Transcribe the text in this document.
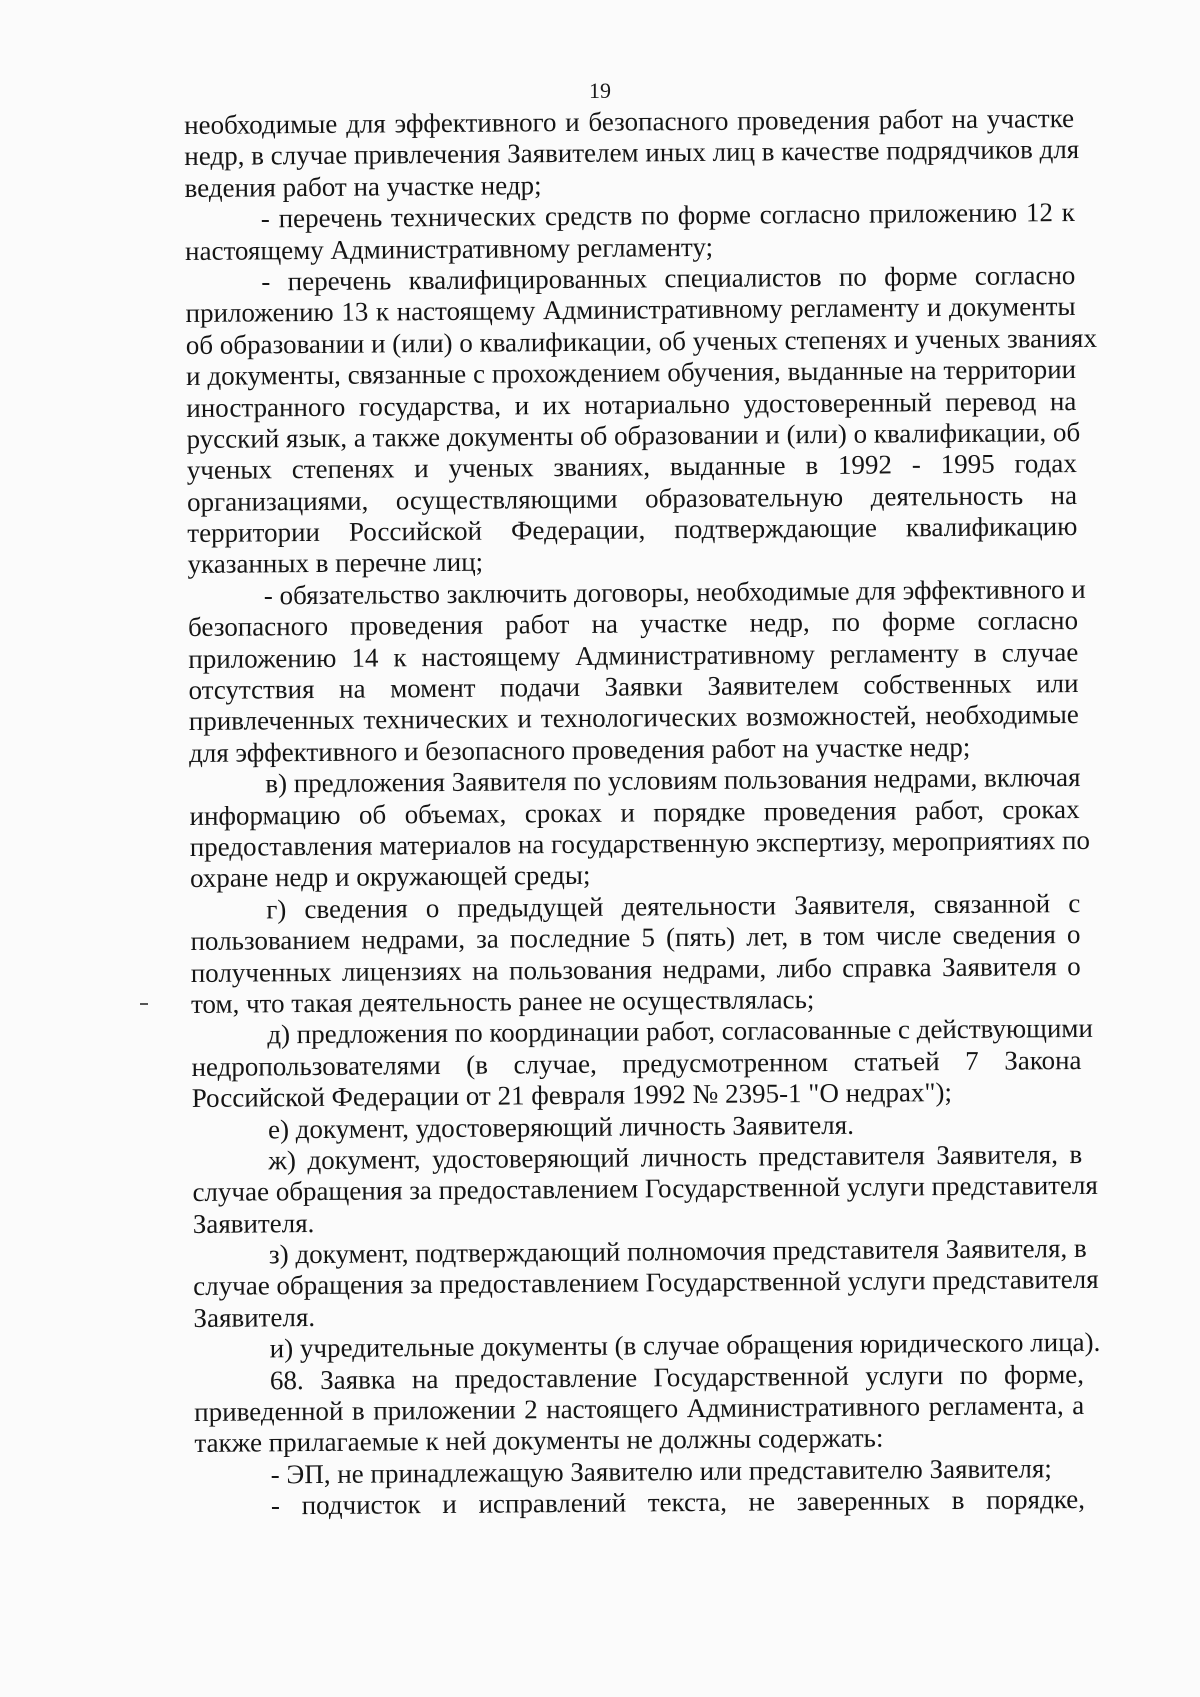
19
необходимые для эффективного и безопасного проведения работ на участке
недр, в случае привлечения Заявителем иных лиц в качестве подрядчиков для
ведения работ на участке недр;
- перечень технических средств по форме согласно приложению 12 к
настоящему Административному регламенту;
- перечень квалифицированных специалистов по форме согласно
приложению 13 к настоящему Административному регламенту и документы
об образовании и (или) о квалификации, об ученых степенях и ученых званиях
и документы, связанные с прохождением обучения, выданные на территории
иностранного государства, и их нотариально удостоверенный перевод на
русский язык, а также документы об образовании и (или) о квалификации, об
ученых степенях и ученых званиях, выданные в 1992 - 1995 годах
организациями, осуществляющими образовательную деятельность на
территории Российской Федерации, подтверждающие квалификацию
указанных в перечне лиц;
- обязательство заключить договоры, необходимые для эффективного и
безопасного проведения работ на участке недр, по форме согласно
приложению 14 к настоящему Административному регламенту в случае
отсутствия на момент подачи Заявки Заявителем собственных или
привлеченных технических и технологических возможностей, необходимые
для эффективного и безопасного проведения работ на участке недр;
в) предложения Заявителя по условиям пользования недрами, включая
информацию об объемах, сроках и порядке проведения работ, сроках
предоставления материалов на государственную экспертизу, мероприятиях по
охране недр и окружающей среды;
г) сведения о предыдущей деятельности Заявителя, связанной с
пользованием недрами, за последние 5 (пять) лет, в том числе сведения о
полученных лицензиях на пользования недрами, либо справка Заявителя о
том, что такая деятельность ранее не осуществлялась;
д) предложения по координации работ, согласованные с действующими
недропользователями (в случае, предусмотренном статьей 7 Закона
Российской Федерации от 21 февраля 1992 № 2395-1 "О недрах");
е) документ, удостоверяющий личность Заявителя.
ж) документ, удостоверяющий личность представителя Заявителя, в
случае обращения за предоставлением Государственной услуги представителя
Заявителя.
з) документ, подтверждающий полномочия представителя Заявителя, в
случае обращения за предоставлением Государственной услуги представителя
Заявителя.
и) учредительные документы (в случае обращения юридического лица).
68. Заявка на предоставление Государственной услуги по форме,
приведенной в приложении 2 настоящего Административного регламента, а
также прилагаемые к ней документы не должны содержать:
- ЭП, не принадлежащую Заявителю или представителю Заявителя;
- подчисток и исправлений текста, не заверенных в порядке,
